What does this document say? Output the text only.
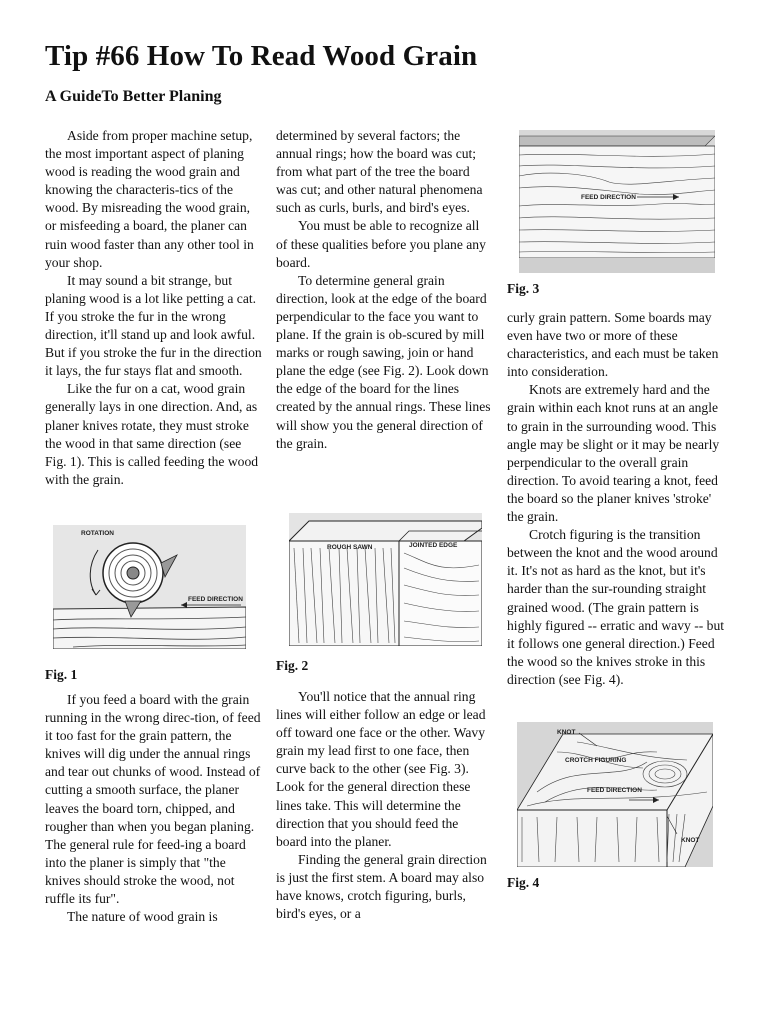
Tip #66 How To Read Wood Grain
A GuideTo Better Planing

Aside from proper machine setup, the most important aspect of planing wood is reading the wood grain and knowing the characteris-tics of the wood. By misreading the wood grain, or misfeeding a board, the planer can ruin wood faster than any other tool in your shop.

It may sound a bit strange, but planing wood is a lot like petting a cat. If you stroke the fur in the wrong direction, it'll stand up and look awful. But if you stroke the fur in the direction it lays, the fur stays flat and smooth.

Like the fur on a cat, wood grain generally lays in one direction. And, as planer knives rotate, they must stroke the wood in that same direction (see Fig. 1). This is called feeding the wood with the grain.

ROTATION
FEED DIRECTION
Fig. 1

If you feed a board with the grain running in the wrong direc-tion, of feed it too fast for the grain pattern, the knives will dig under the annual rings and tear out chunks of wood. Instead of cutting a smooth surface, the planer leaves the board torn, chipped, and rougher than when you began planing. The general rule for feed-ing a board into the planer is simply that "the knives should stroke the wood, not ruffle its fur".

The nature of wood grain is

determined by several factors; the annual rings; how the board was cut; from what part of the tree the board was cut; and other natural phenomena such as curls, burls, and bird's eyes.

You must be able to recognize all of these qualities before you plane any board.

To determine general grain direction, look at the edge of the board perpendicular to the face you want to plane. If the grain is ob-scured by mill marks or rough sawing, join or hand plane the edge (see Fig. 2). Look down the edge of the board for the lines created by the annual rings. These lines will show you the general direction of the grain.

ROUGH SAWN	JOINTED EDGE
Fig. 2

You'll notice that the annual ring lines will either follow an edge or lead off toward one face or the other. Wavy grain my lead first to one face, then curve back to the other (see Fig. 3). Look for the general direction these lines take. This will determine the direction that you should feed the board into the planer.

Finding the general grain direction is just the first stem. A board may also have knows, crotch figuring, burls, bird's eyes, or a

FEED DIRECTION
Fig. 3

curly grain pattern. Some boards may even have two or more of these characteristics, and each must be taken into consideration.

Knots are extremely hard and the grain within each knot runs at an angle to grain in the surrounding wood. This angle may be slight or it may be nearly perpendicular to the overall grain direction. To avoid tearing a knot, feed the board so the planer knives 'stroke' the grain.

Crotch figuring is the transition between the knot and the wood around it. It's not as hard as the knot, but it's harder than the sur-rounding straight grained wood. (The grain pattern is highly figured -- erratic and wavy -- but it follows one general direction.) Feed the wood so the knives stroke in this direction (see Fig. 4).

KNOT
CROTCH FIGURING
FEED DIRECTION
KNOT
Fig. 4
